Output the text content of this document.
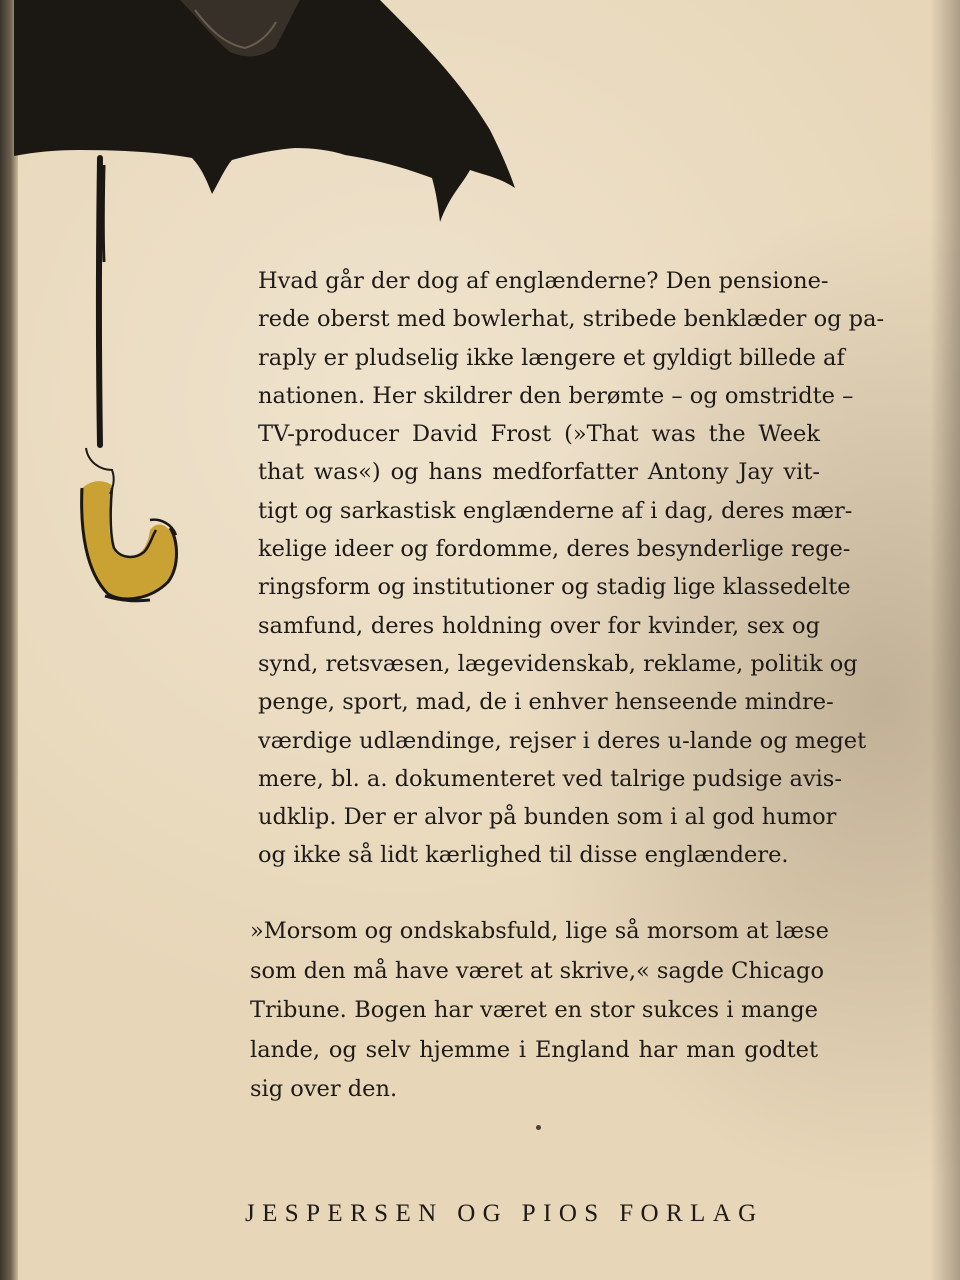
Hvad går der dog af englænderne? Den pensione-
rede oberst med bowlerhat, stribede benklæder og pa-
raply er pludselig ikke længere et gyldigt billede af
nationen. Her skildrer den berømte – og omstridte –
TV-producer David Frost (»That was the Week
that was«) og hans medforfatter Antony Jay vit-
tigt og sarkastisk englænderne af i dag, deres mær-
kelige ideer og fordomme, deres besynderlige rege-
ringsform og institutioner og stadig lige klassedelte
samfund, deres holdning over for kvinder, sex og
synd, retsvæsen, lægevidenskab, reklame, politik og
penge, sport, mad, de i enhver henseende mindre-
værdige udlændinge, rejser i deres u-lande og meget
mere, bl. a. dokumenteret ved talrige pudsige avis-
udklip. Der er alvor på bunden som i al god humor
og ikke så lidt kærlighed til disse englændere.
»Morsom og ondskabsfuld, lige så morsom at læse
som den må have været at skrive,« sagde Chicago
Tribune. Bogen har været en stor sukces i mange
lande, og selv hjemme i England har man godtet
sig over den.
JESPERSEN OG PIOS FORLAG
